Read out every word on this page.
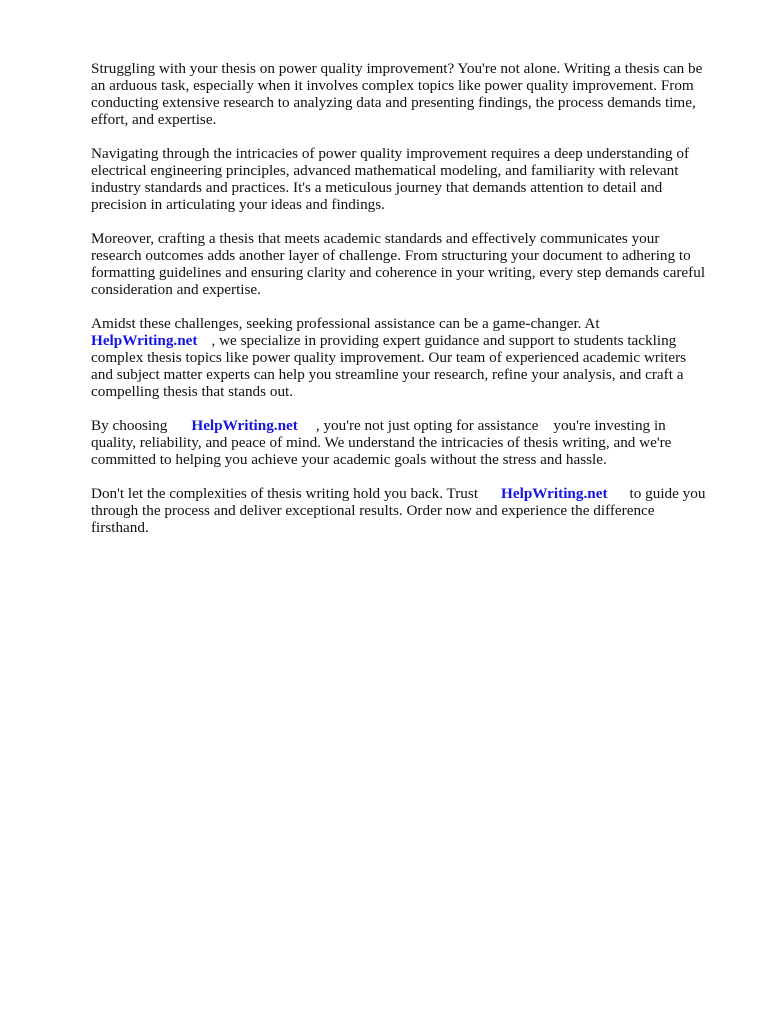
Struggling with your thesis on power quality improvement? You're not alone. Writing a thesis can be
an arduous task, especially when it involves complex topics like power quality improvement. From
conducting extensive research to analyzing data and presenting findings, the process demands time,
effort, and expertise.

Navigating through the intricacies of power quality improvement requires a deep understanding of
electrical engineering principles, advanced mathematical modeling, and familiarity with relevant
industry standards and practices. It's a meticulous journey that demands attention to detail and
precision in articulating your ideas and findings.

Moreover, crafting a thesis that meets academic standards and effectively communicates your
research outcomes adds another layer of challenge. From structuring your document to adhering to
formatting guidelines and ensuring clarity and coherence in your writing, every step demands careful
consideration and expertise.

Amidst these challenges, seeking professional assistance can be a game-changer. At
HelpWriting.net , we specialize in providing expert guidance and support to students tackling
complex thesis topics like power quality improvement. Our team of experienced academic writers
and subject matter experts can help you streamline your research, refine your analysis, and craft a
compelling thesis that stands out.

By choosing HelpWriting.net , you're not just opting for assistance you're investing in
quality, reliability, and peace of mind. We understand the intricacies of thesis writing, and we're
committed to helping you achieve your academic goals without the stress and hassle.

Don't let the complexities of thesis writing hold you back. Trust HelpWriting.net to guide you
through the process and deliver exceptional results. Order now and experience the difference
firsthand.
